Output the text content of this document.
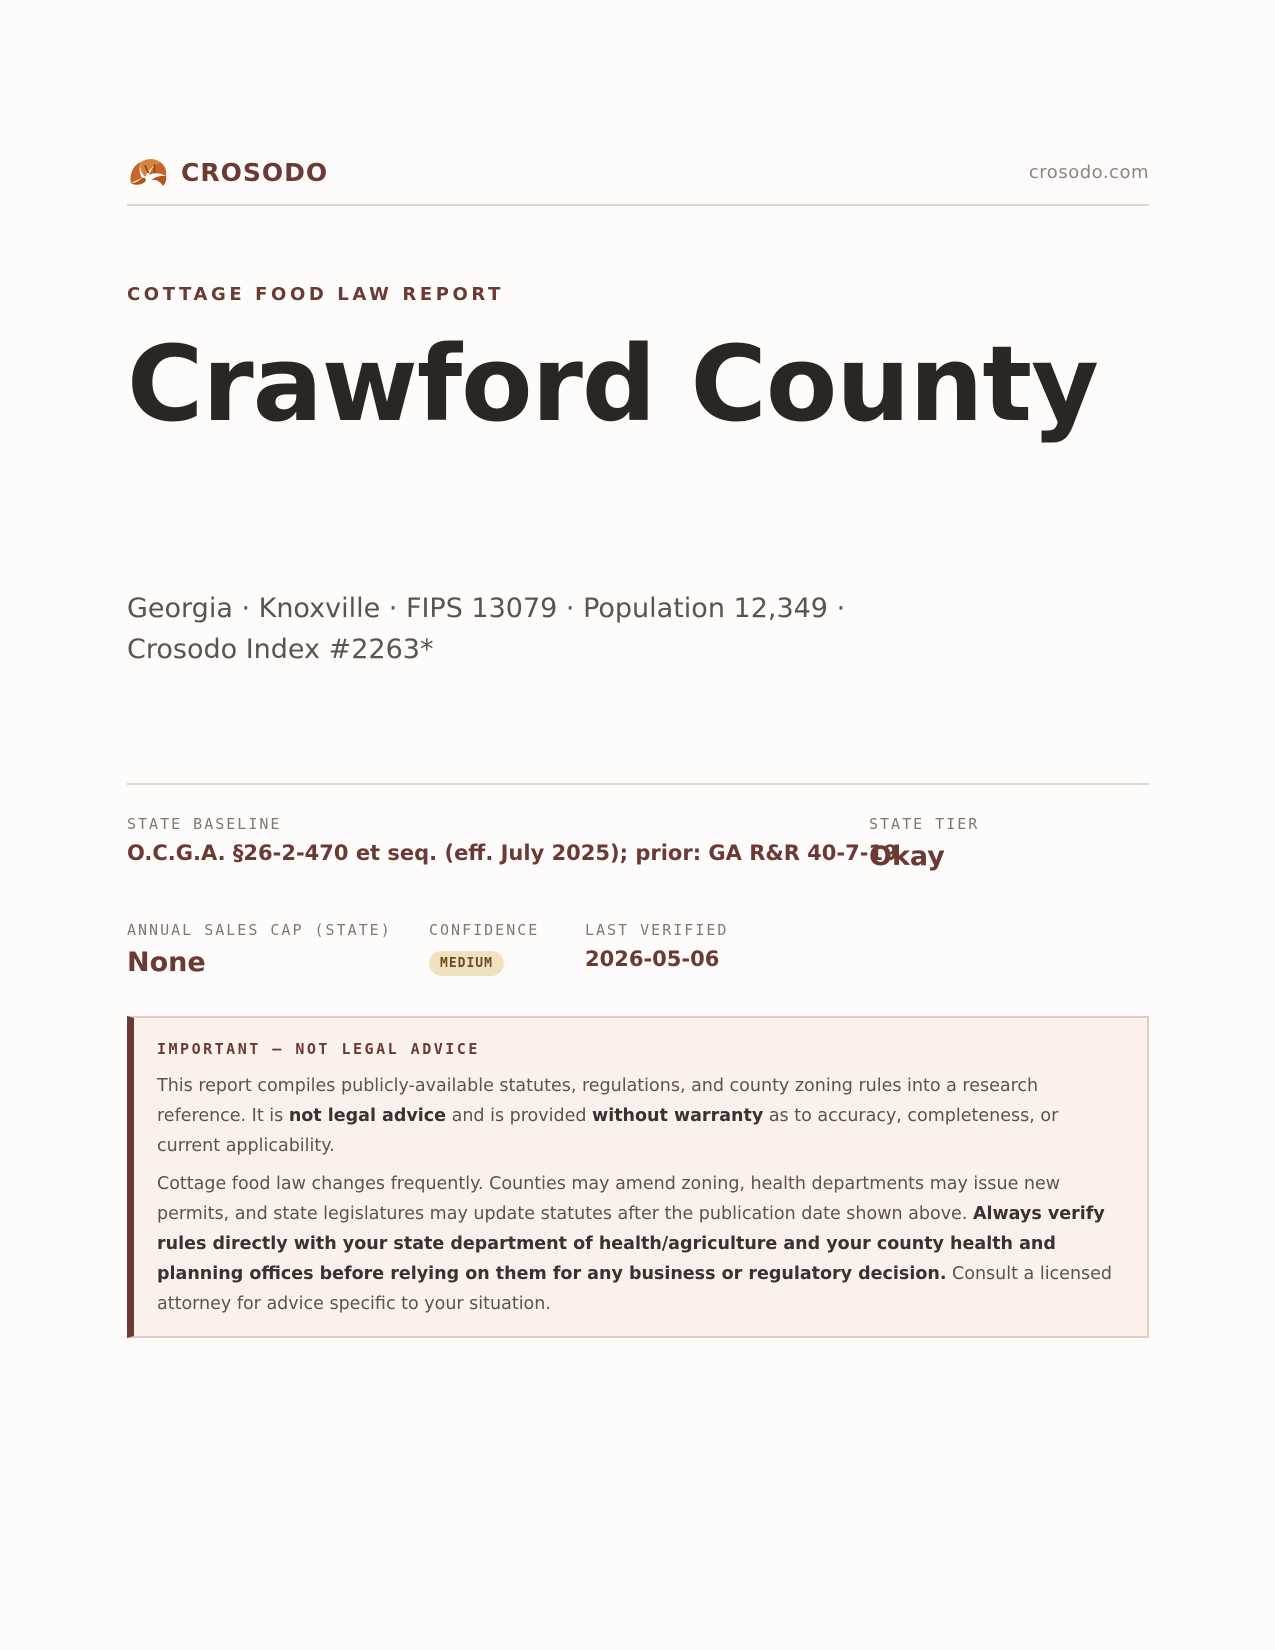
CROSODO	crosodo.com
COTTAGE FOOD LAW REPORT
Crawford County
Georgia · Knoxville · FIPS 13079 · Population 12,349 ·
Crosodo Index #2263*
STATE BASELINE
O.C.G.A. §26-2-470 et seq. (eff. July 2025); prior: GA R&R 40-7-19
STATE TIER
Okay
ANNUAL SALES CAP (STATE)
None
CONFIDENCE
MEDIUM
LAST VERIFIED
2026-05-06
IMPORTANT — NOT LEGAL ADVICE

This report compiles publicly-available statutes, regulations, and county zoning rules into a research reference. It is not legal advice and is provided without warranty as to accuracy, completeness, or current applicability.

Cottage food law changes frequently. Counties may amend zoning, health departments may issue new permits, and state legislatures may update statutes after the publication date shown above. Always verify rules directly with your state department of health/agriculture and your county health and planning offices before relying on them for any business or regulatory decision. Consult a licensed attorney for advice specific to your situation.
